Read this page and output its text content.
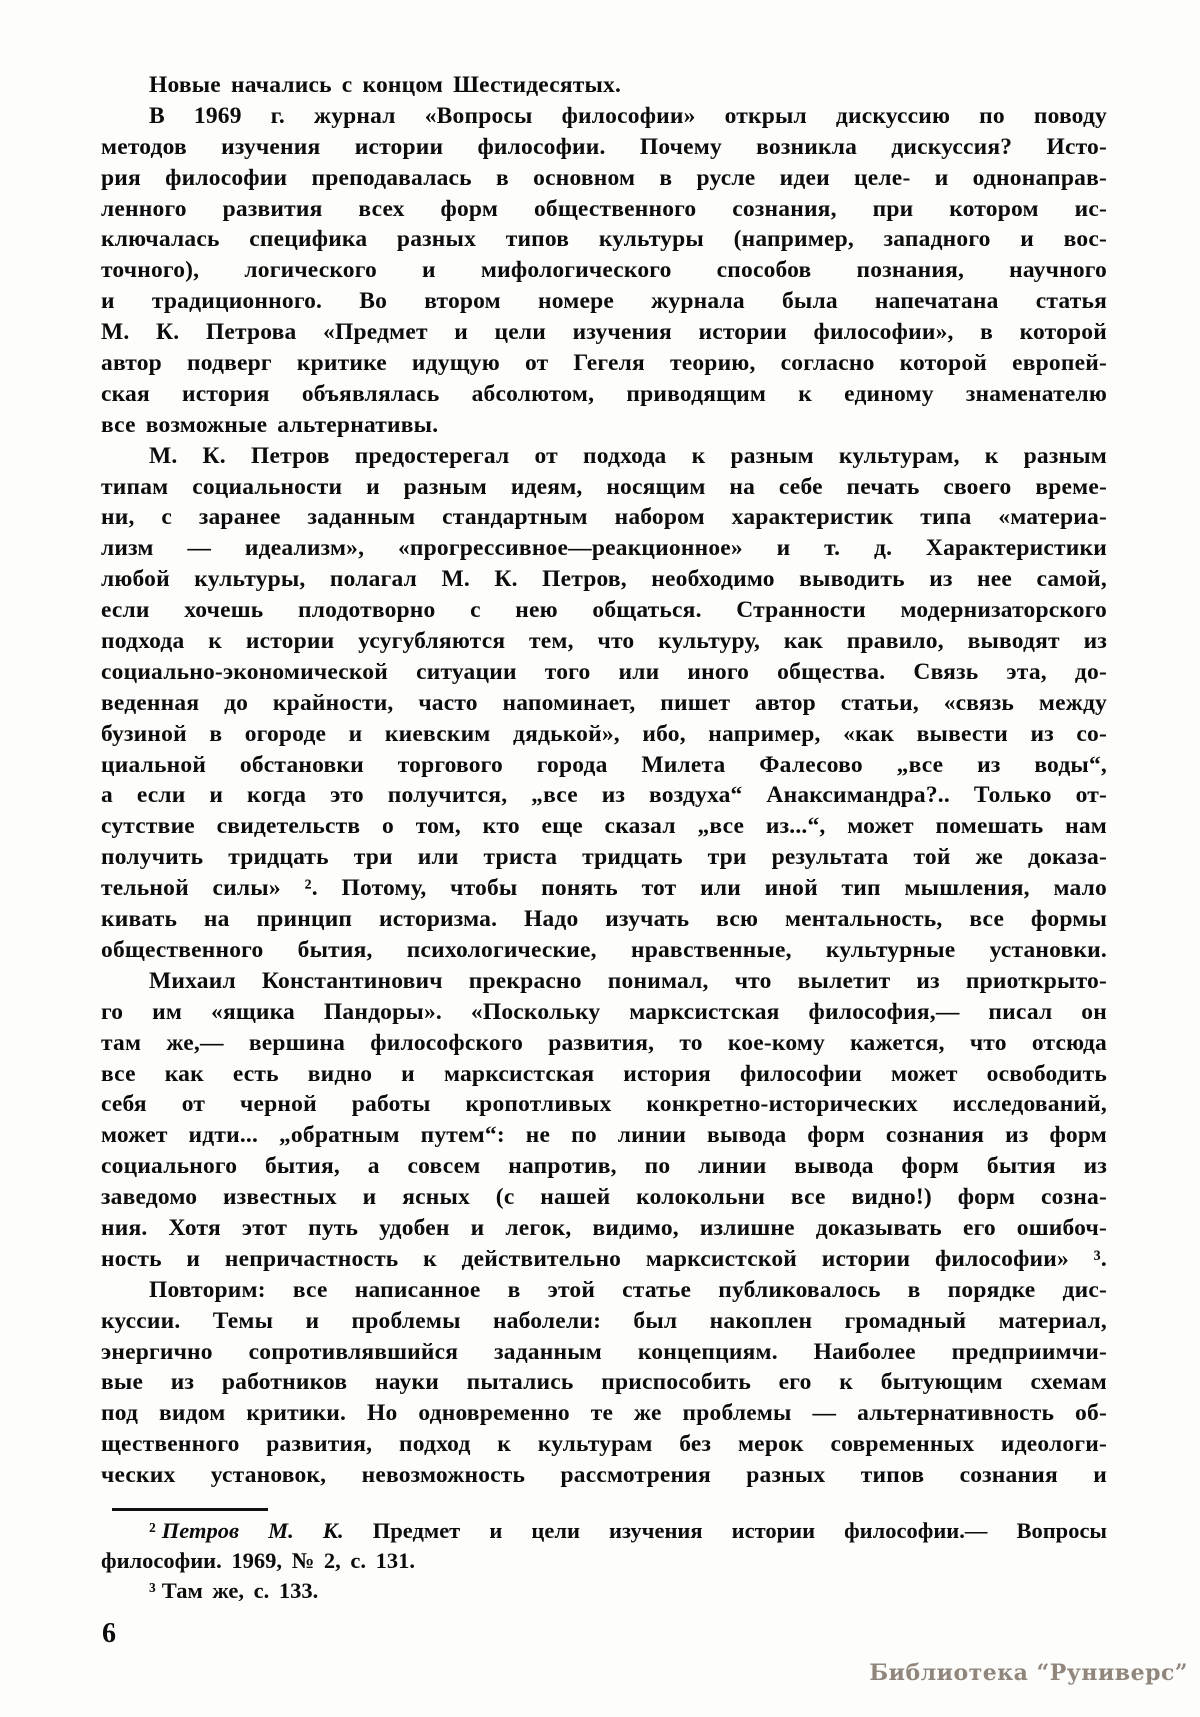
Новые начались с концом Шестидесятых.
В 1969 г. журнал «Вопросы философии» открыл дискуссию по поводу
методов изучения истории философии. Почему возникла дискуссия? Исто-
рия философии преподавалась в основном в русле идеи целе- и однонаправ-
ленного развития всех форм общественного сознания, при котором ис-
ключалась специфика разных типов культуры (например, западного и вос-
точного), логического и мифологического способов познания, научного
и традиционного. Во втором номере журнала была напечатана статья
М. К. Петрова «Предмет и цели изучения истории философии», в которой
автор подверг критике идущую от Гегеля теорию, согласно которой европей-
ская история объявлялась абсолютом, приводящим к единому знаменателю
все возможные альтернативы.
М. К. Петров предостерегал от подхода к разным культурам, к разным
типам социальности и разным идеям, носящим на себе печать своего време-
ни, с заранее заданным стандартным набором характеристик типа «материа-
лизм — идеализм», «прогрессивное—реакционное» и т. д. Характеристики
любой культуры, полагал М. К. Петров, необходимо выводить из нее самой,
если хочешь плодотворно с нею общаться. Странности модернизаторского
подхода к истории усугубляются тем, что культуру, как правило, выводят из
социально-экономической ситуации того или иного общества. Связь эта, до-
веденная до крайности, часто напоминает, пишет автор статьи, «связь между
бузиной в огороде и киевским дядькой», ибо, например, «как вывести из со-
циальной обстановки торгового города Милета Фалесово „все из воды“,
а если и когда это получится, „все из воздуха“ Анаксимандра?.. Только от-
сутствие свидетельств о том, кто еще сказал „все из...“, может помешать нам
получить тридцать три или триста тридцать три результата той же доказа-
тельной силы» ². Потому, чтобы понять тот или иной тип мышления, мало
кивать на принцип историзма. Надо изучать всю ментальность, все формы
общественного бытия, психологические, нравственные, культурные установки.
Михаил Константинович прекрасно понимал, что вылетит из приоткрыто-
го им «ящика Пандоры». «Поскольку марксистская философия,— писал он
там же,— вершина философского развития, то кое-кому кажется, что отсюда
все как есть видно и марксистская история философии может освободить
себя от черной работы кропотливых конкретно-исторических исследований,
может идти... „обратным путем“: не по линии вывода форм сознания из форм
социального бытия, а совсем напротив, по линии вывода форм бытия из
заведомо известных и ясных (с нашей колокольни все видно!) форм созна-
ния. Хотя этот путь удобен и легок, видимо, излишне доказывать его ошибоч-
ность и непричастность к действительно марксистской истории философии» ³.
Повторим: все написанное в этой статье публиковалось в порядке дис-
куссии. Темы и проблемы наболели: был накоплен громадный материал,
энергично сопротивлявшийся заданным концепциям. Наиболее предприимчи-
вые из работников науки пытались приспособить его к бытующим схемам
под видом критики. Но одновременно те же проблемы — альтернативность об-
щественного развития, подход к культурам без мерок современных идеологи-
ческих установок, невозможность рассмотрения разных типов сознания и
² Петров М. К. Предмет и цели изучения истории философии.— Вопросы
философии. 1969, № 2, с. 131.
³ Там же, с. 133.
6
Библиотека “Руниверс”
